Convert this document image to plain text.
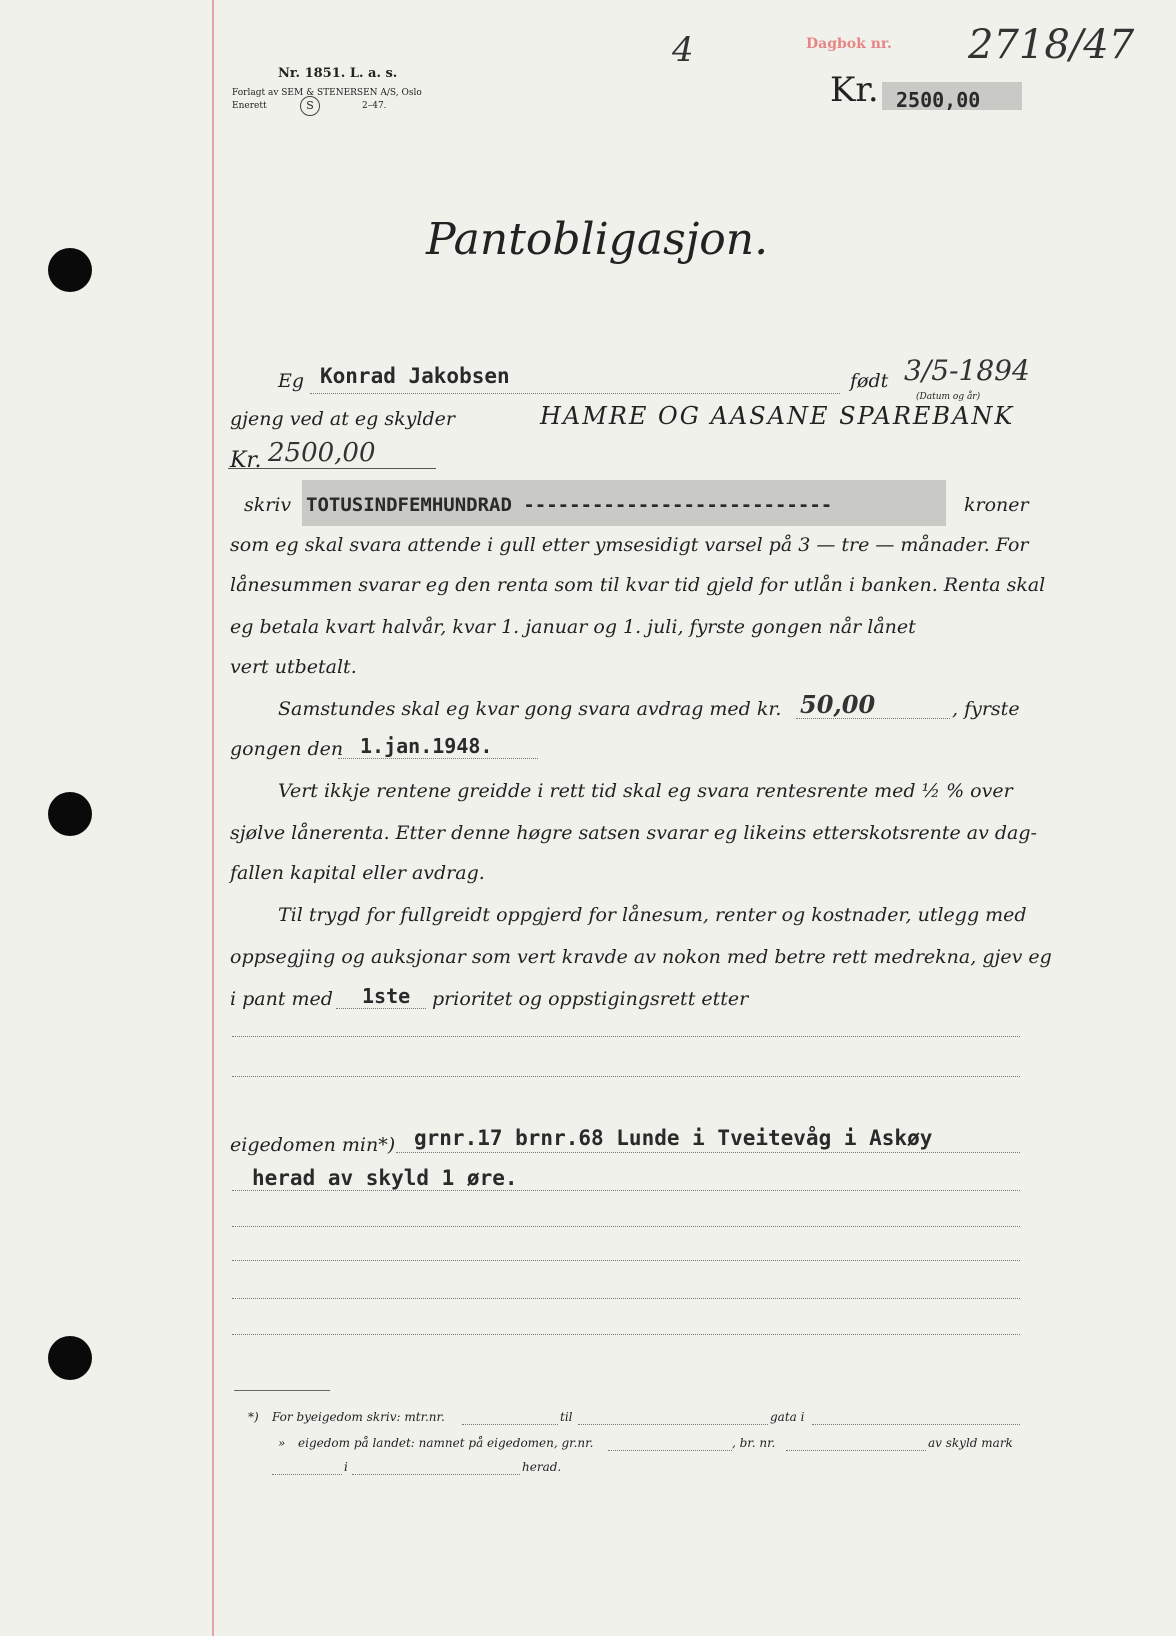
Nr. 1851. L. a. s.
Forlagt av SEM & STENERSEN A/S, Oslo
Enerett	S	2–47.
4	Dagbok nr. 2718/47
Kr. 2500,00
Pantobligasjon.
Eg Konrad Jakobsen	født 3/5-1894
(Datum og år)
gjeng ved at eg skylder	HAMRE OG AASANE SPAREBANK
Kr. 2500,00
skriv TOTUSINDFEMHUNDRAD ---------------------------	kroner
som eg skal svara attende i gull etter ymsesidigt varsel på 3 — tre — månader. For
lånesummen svarar eg den renta som til kvar tid gjeld for utlån i banken. Renta skal
eg betala kvart halvår, kvar 1. januar og 1. juli, fyrste gongen når lånet
vert utbetalt.
Samstundes skal eg kvar gong svara avdrag med kr. 50,00	, fyrste
gongen den 1.jan.1948.
Vert ikkje rentene greidde i rett tid skal eg svara rentesrente med ½ % over
sjølve lånerenta. Etter denne høgre satsen svarar eg likeins etterskotsrente av dag-
fallen kapital eller avdrag.
Til trygd for fullgreidt oppgjerd for lånesum, renter og kostnader, utlegg med
oppsegjing og auksjonar som vert kravde av nokon med betre rett medrekna, gjev eg
i pant med 1ste prioritet og oppstigingsrett etter
eigedomen min*) grnr.17 brnr.68 Lunde i Tveitevåg i Askøy
herad av skyld 1 øre.
*) For byeigedom skriv: mtr.nr.	til	gata i
» eigedom på landet: namnet på eigedomen, gr.nr.	, br. nr.	av skyld mark
i	herad.
